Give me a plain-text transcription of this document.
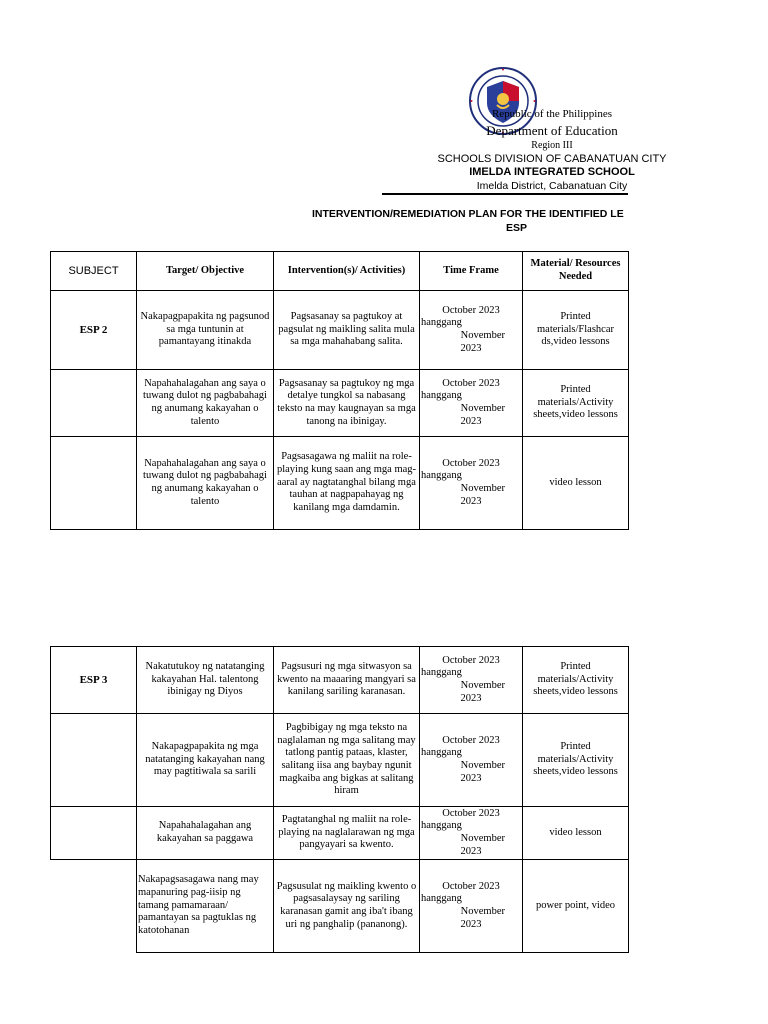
Republic of the Philippines
Department of Education
Region III
SCHOOLS DIVISION OF CABANATUAN CITY
IMELDA INTEGRATED SCHOOL
Imelda District, Cabanatuan City
INTERVENTION/REMEDIATION PLAN FOR THE IDENTIFIED LE
ESP
SUBJECT	Target/ Objective	Intervention(s)/ Activities)	Time Frame	Material/ Resources Needed
ESP 2	Nakapagpapakita ng pagsunod sa mga tuntunin at pamantayang itinakda	Pagsasanay sa pagtukoy at pagsulat ng maikling salita mula sa mga mahahabang salita.	October 2023
hanggang
November
2023	Printed materials/Flashcar ds,video lessons
	Napahahalagahan ang saya o tuwang dulot ng pagbabahagi ng anumang kakayahan o talento	Pagsasanay sa pagtukoy ng mga detalye tungkol sa nabasang teksto na may kaugnayan sa mga tanong na ibinigay.	October 2023
hanggang
November
2023	Printed materials/Activity sheets,video lessons
	Napahahalagahan ang saya o tuwang dulot ng pagbabahagi ng anumang kakayahan o talento	Pagsasagawa ng maliit na role-playing kung saan ang mga mag-aaral ay nagtatanghal bilang mga tauhan at nagpapahayag ng kanilang mga damdamin.	October 2023
hanggang
November
2023	video lesson
ESP 3	Nakatutukoy ng natatanging kakayahan Hal. talentong ibinigay ng Diyos	Pagsusuri ng mga sitwasyon sa kwento na maaaring mangyari sa kanilang sariling karanasan.	October 2023
hanggang
November
2023	Printed materials/Activity sheets,video lessons
	Nakapagpapakita ng mga natatanging kakayahan nang may pagtitiwala sa sarili	Pagbibigay ng mga teksto na naglalaman ng mga salitang may tatlong pantig pataas, klaster, salitang iisa ang baybay ngunit magkaiba ang bigkas at salitang hiram	October 2023
hanggang
November
2023	Printed materials/Activity sheets,video lessons
	Napahahalagahan ang kakayahan sa paggawa	Pagtatanghal ng maliit na role-playing na naglalarawan ng mga pangyayari sa kwento.	October 2023
hanggang
November
2023	video lesson
	Nakapagsasagawa nang may mapanuring pag-iisip ng tamang pamamaraan/ pamantayan sa pagtuklas ng katotohanan	Pagsusulat ng maikling kwento o pagsasalaysay ng sariling karanasan gamit ang iba't ibang uri ng panghalip (pananong).	October 2023
hanggang
November
2023	power point, video
